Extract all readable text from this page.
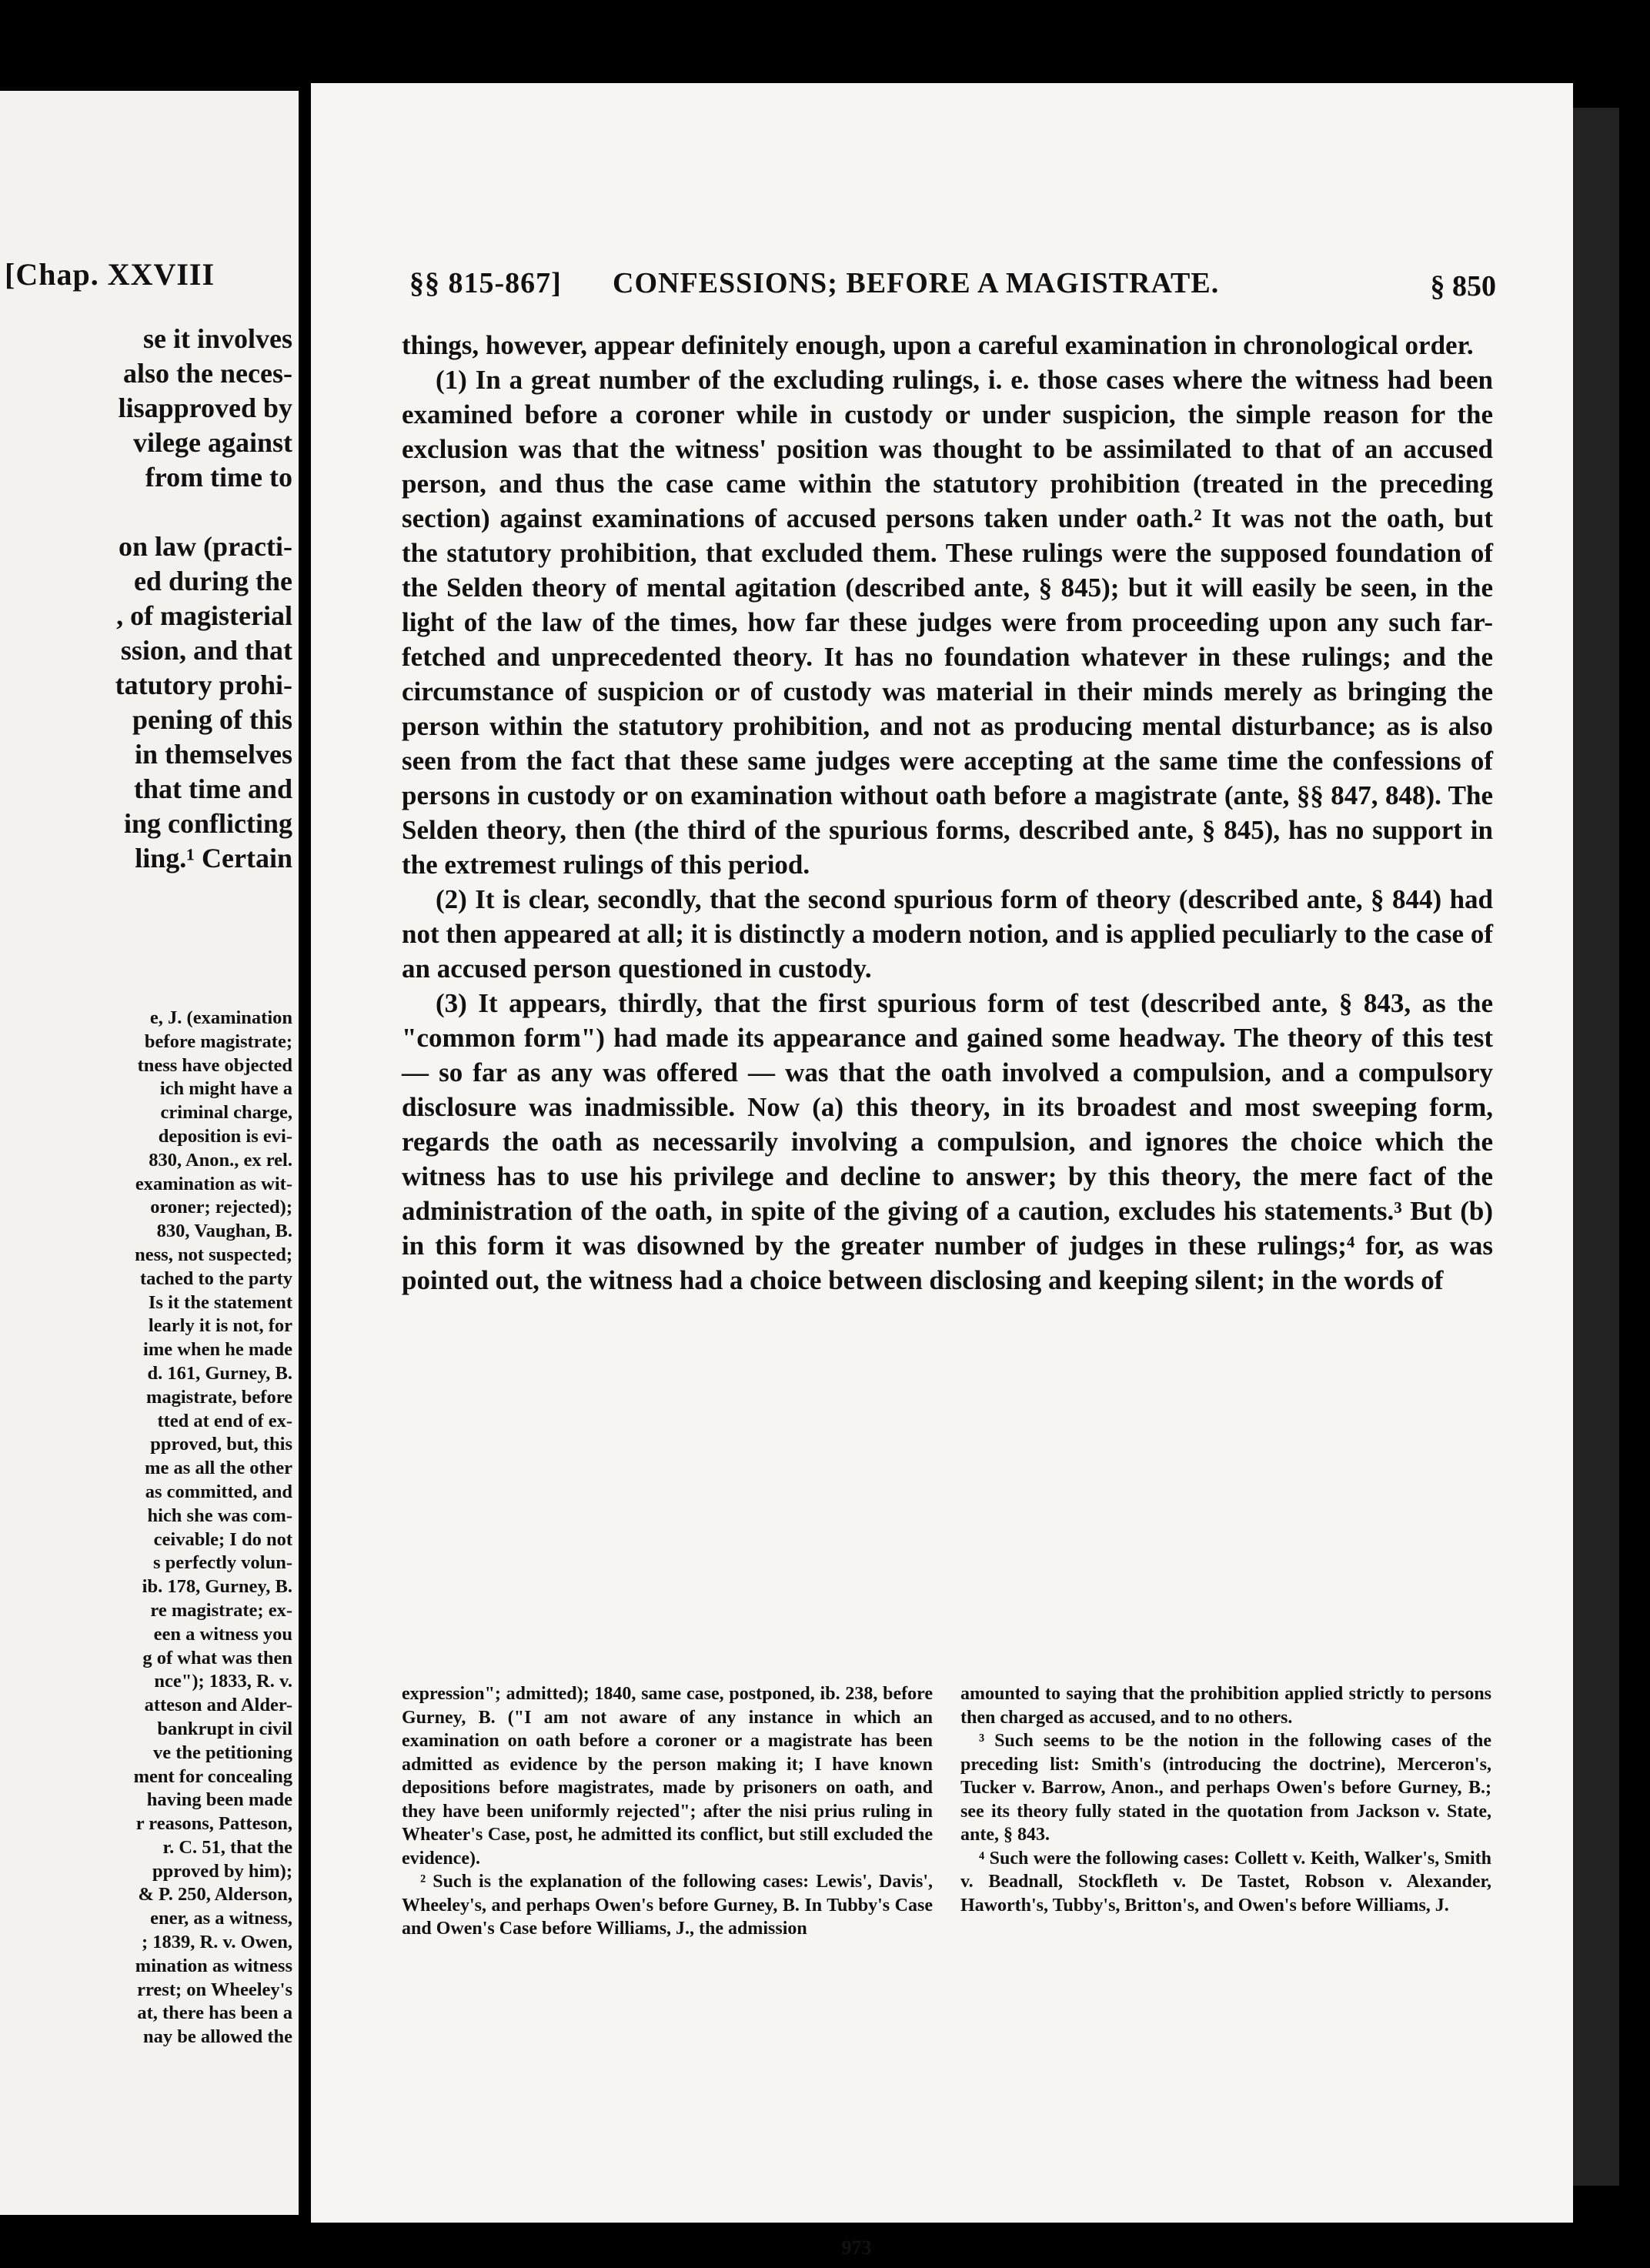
[Chap. XXVIII
se it involves
also the neces-
lisapproved by
vilege against
from time to

on law (practi-
ed during the
, of magisterial
ssion, and that
tatutory prohi-
pening of this
in themselves
that time and
ing conflicting
ling.¹ Certain
e, J. (examination
before magistrate;
tness have objected
ich might have a
criminal charge,
deposition is evi-
830, Anon., ex rel.
examination as wit-
oroner; rejected);
830, Vaughan, B.
ness, not suspected;
tached to the party
Is it the statement
learly it is not, for
ime when he made
d. 161, Gurney, B.
magistrate, before
tted at end of ex-
pproved, but, this
me as all the other
as committed, and
hich she was com-
ceivable; I do not
s perfectly volun-
ib. 178, Gurney, B.
re magistrate; ex-
een a witness you
g of what was then
nce"); 1833, R. v.
atteson and Alder-
bankrupt in civil
ve the petitioning
ment for concealing
having been made
r reasons, Patteson,
r. C. 51, that the
pproved by him);
& P. 250, Alderson,
ener, as a witness,
; 1839, R. v. Owen,
mination as witness
rrest; on Wheeley's
at, there has been a
nay be allowed the
§§ 815-867] CONFESSIONS; BEFORE A MAGISTRATE.	§ 850

things, however, appear definitely enough, upon a careful examination in chronological order.

(1) In a great number of the excluding rulings, i. e. those cases where the witness had been examined before a coroner while in custody or under suspicion, the simple reason for the exclusion was that the witness' position was thought to be assimilated to that of an accused person, and thus the case came within the statutory prohibition (treated in the preceding section) against examinations of accused persons taken under oath.² It was not the oath, but the statutory prohibition, that excluded them. These rulings were the supposed foundation of the Selden theory of mental agitation (described ante, § 845); but it will easily be seen, in the light of the law of the times, how far these judges were from proceeding upon any such far-fetched and unprecedented theory. It has no foundation whatever in these rulings; and the circumstance of suspicion or of custody was material in their minds merely as bringing the person within the statutory prohibition, and not as producing mental disturbance; as is also seen from the fact that these same judges were accepting at the same time the confessions of persons in custody or on examination without oath before a magistrate (ante, §§ 847, 848). The Selden theory, then (the third of the spurious forms, described ante, § 845), has no support in the extremest rulings of this period.

(2) It is clear, secondly, that the second spurious form of theory (described ante, § 844) had not then appeared at all; it is distinctly a modern notion, and is applied peculiarly to the case of an accused person questioned in custody.

(3) It appears, thirdly, that the first spurious form of test (described ante, § 843, as the "common form") had made its appearance and gained some headway. The theory of this test — so far as any was offered — was that the oath involved a compulsion, and a compulsory disclosure was inadmissible. Now (a) this theory, in its broadest and most sweeping form, regards the oath as necessarily involving a compulsion, and ignores the choice which the witness has to use his privilege and decline to answer; by this theory, the mere fact of the administration of the oath, in spite of the giving of a caution, excludes his statements.³ But (b) in this form it was disowned by the greater number of judges in these rulings;⁴ for, as was pointed out, the witness had a choice between disclosing and keeping silent; in the words of

expression"; admitted); 1840, same case, postponed, ib. 238, before Gurney, B. ("I am not aware of any instance in which an examination on oath before a coroner or a magistrate has been admitted as evidence by the person making it; I have known depositions before magistrates, made by prisoners on oath, and they have been uniformly rejected"; after the nisi prius ruling in Wheater's Case, post, he admitted its conflict, but still excluded the evidence).

² Such is the explanation of the following cases: Lewis', Davis', Wheeley's, and perhaps Owen's before Gurney, B. In Tubby's Case and Owen's Case before Williams, J., the admission

amounted to saying that the prohibition applied strictly to persons then charged as accused, and to no others.

³ Such seems to be the notion in the following cases of the preceding list: Smith's (introducing the doctrine), Merceron's, Tucker v. Barrow, Anon., and perhaps Owen's before Gurney, B.; see its theory fully stated in the quotation from Jackson v. State, ante, § 843.

⁴ Such were the following cases: Collett v. Keith, Walker's, Smith v. Beadnall, Stockfleth v. De Tastet, Robson v. Alexander, Haworth's, Tubby's, Britton's, and Owen's before Williams, J.

973
